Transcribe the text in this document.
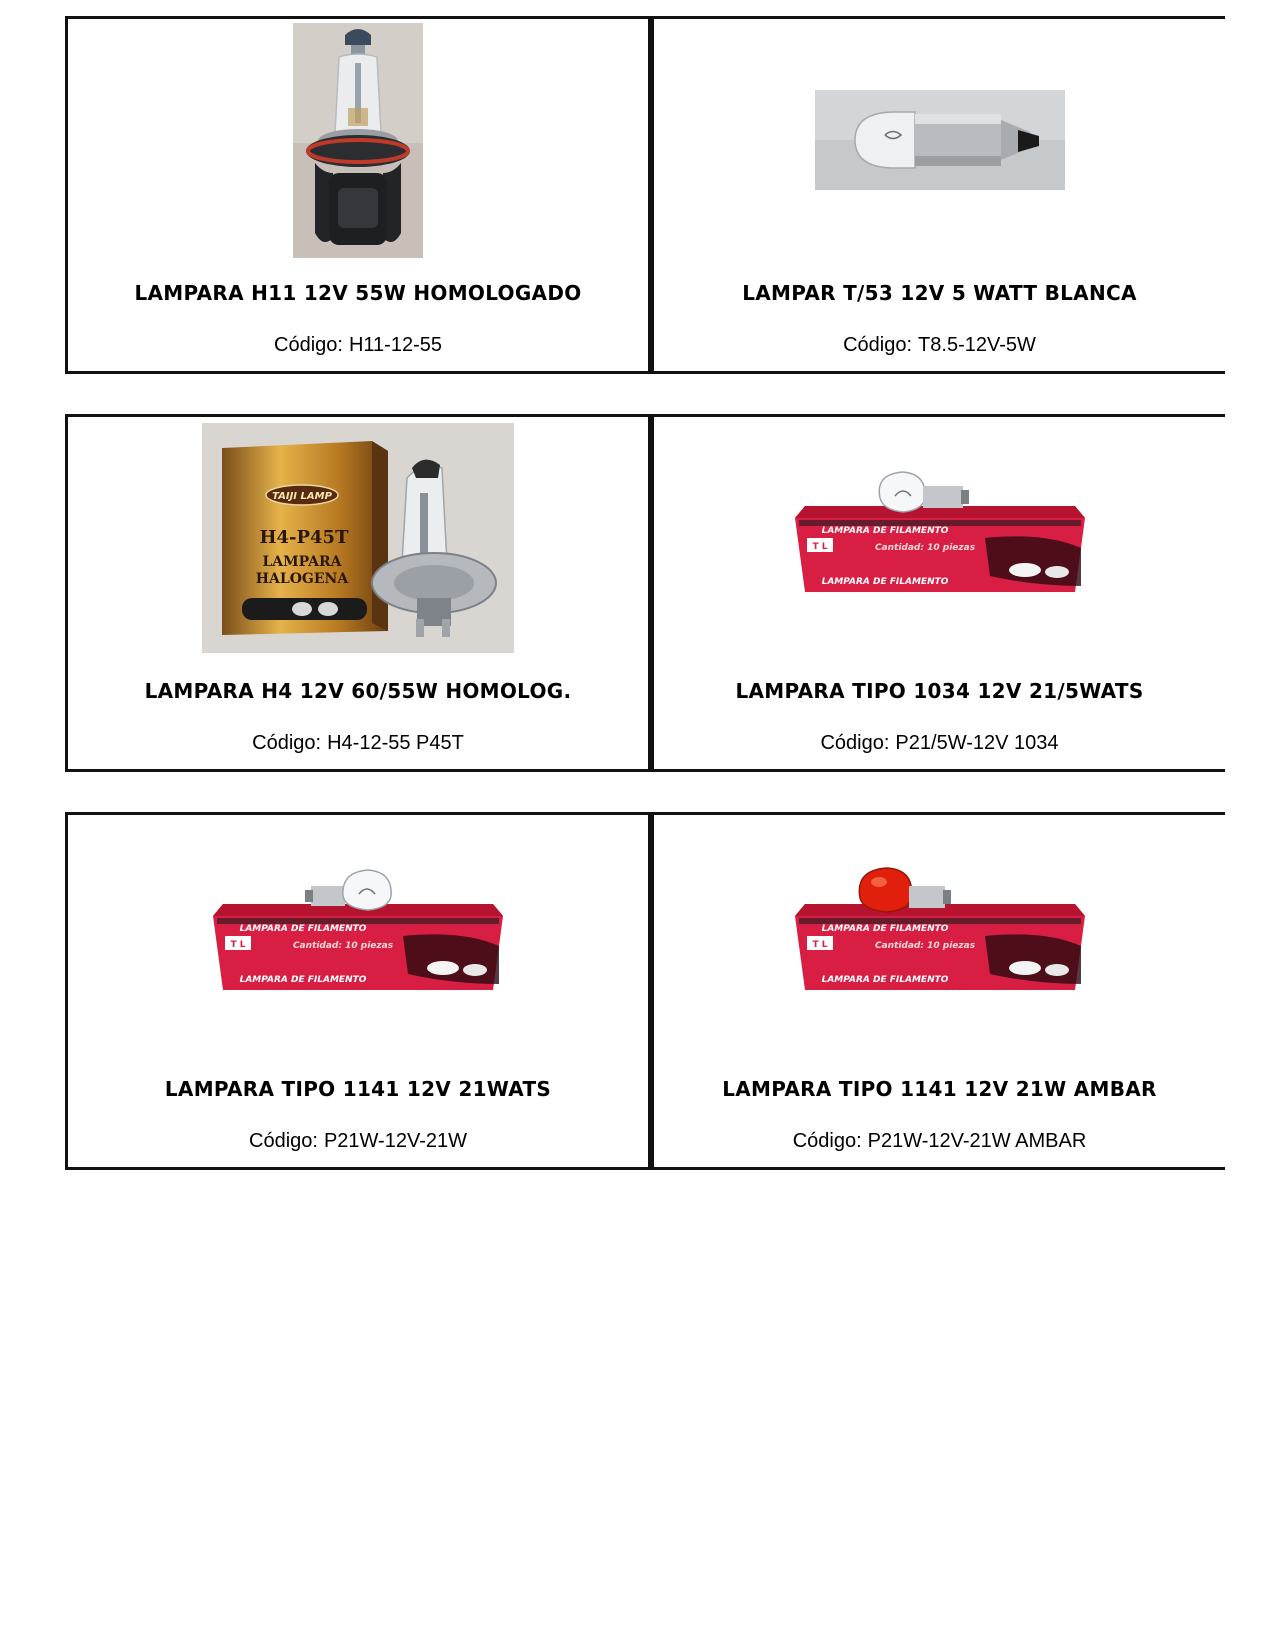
LAMPARA H11 12V 55W HOMOLOGADO
Código: H11-12-55
LAMPAR T/53 12V 5 WATT BLANCA
Código: T8.5-12V-5W
TAIJI LAMP
H4-P45T
LAMPARA
HALOGENA
LAMPARA H4 12V 60/55W HOMOLOG.
Código: H4-12-55 P45T
LAMPARA DE FILAMENTO
T L	Cantidad: 10 piezas
LAMPARA DE FILAMENTO
LAMPARA TIPO 1034 12V 21/5WATS
Código: P21/5W-12V 1034
LAMPARA DE FILAMENTO
T L	Cantidad: 10 piezas
LAMPARA DE FILAMENTO
LAMPARA TIPO 1141 12V 21WATS
Código: P21W-12V-21W
LAMPARA DE FILAMENTO
T L	Cantidad: 10 piezas
LAMPARA DE FILAMENTO
LAMPARA TIPO 1141 12V 21W AMBAR
Código: P21W-12V-21W AMBAR
